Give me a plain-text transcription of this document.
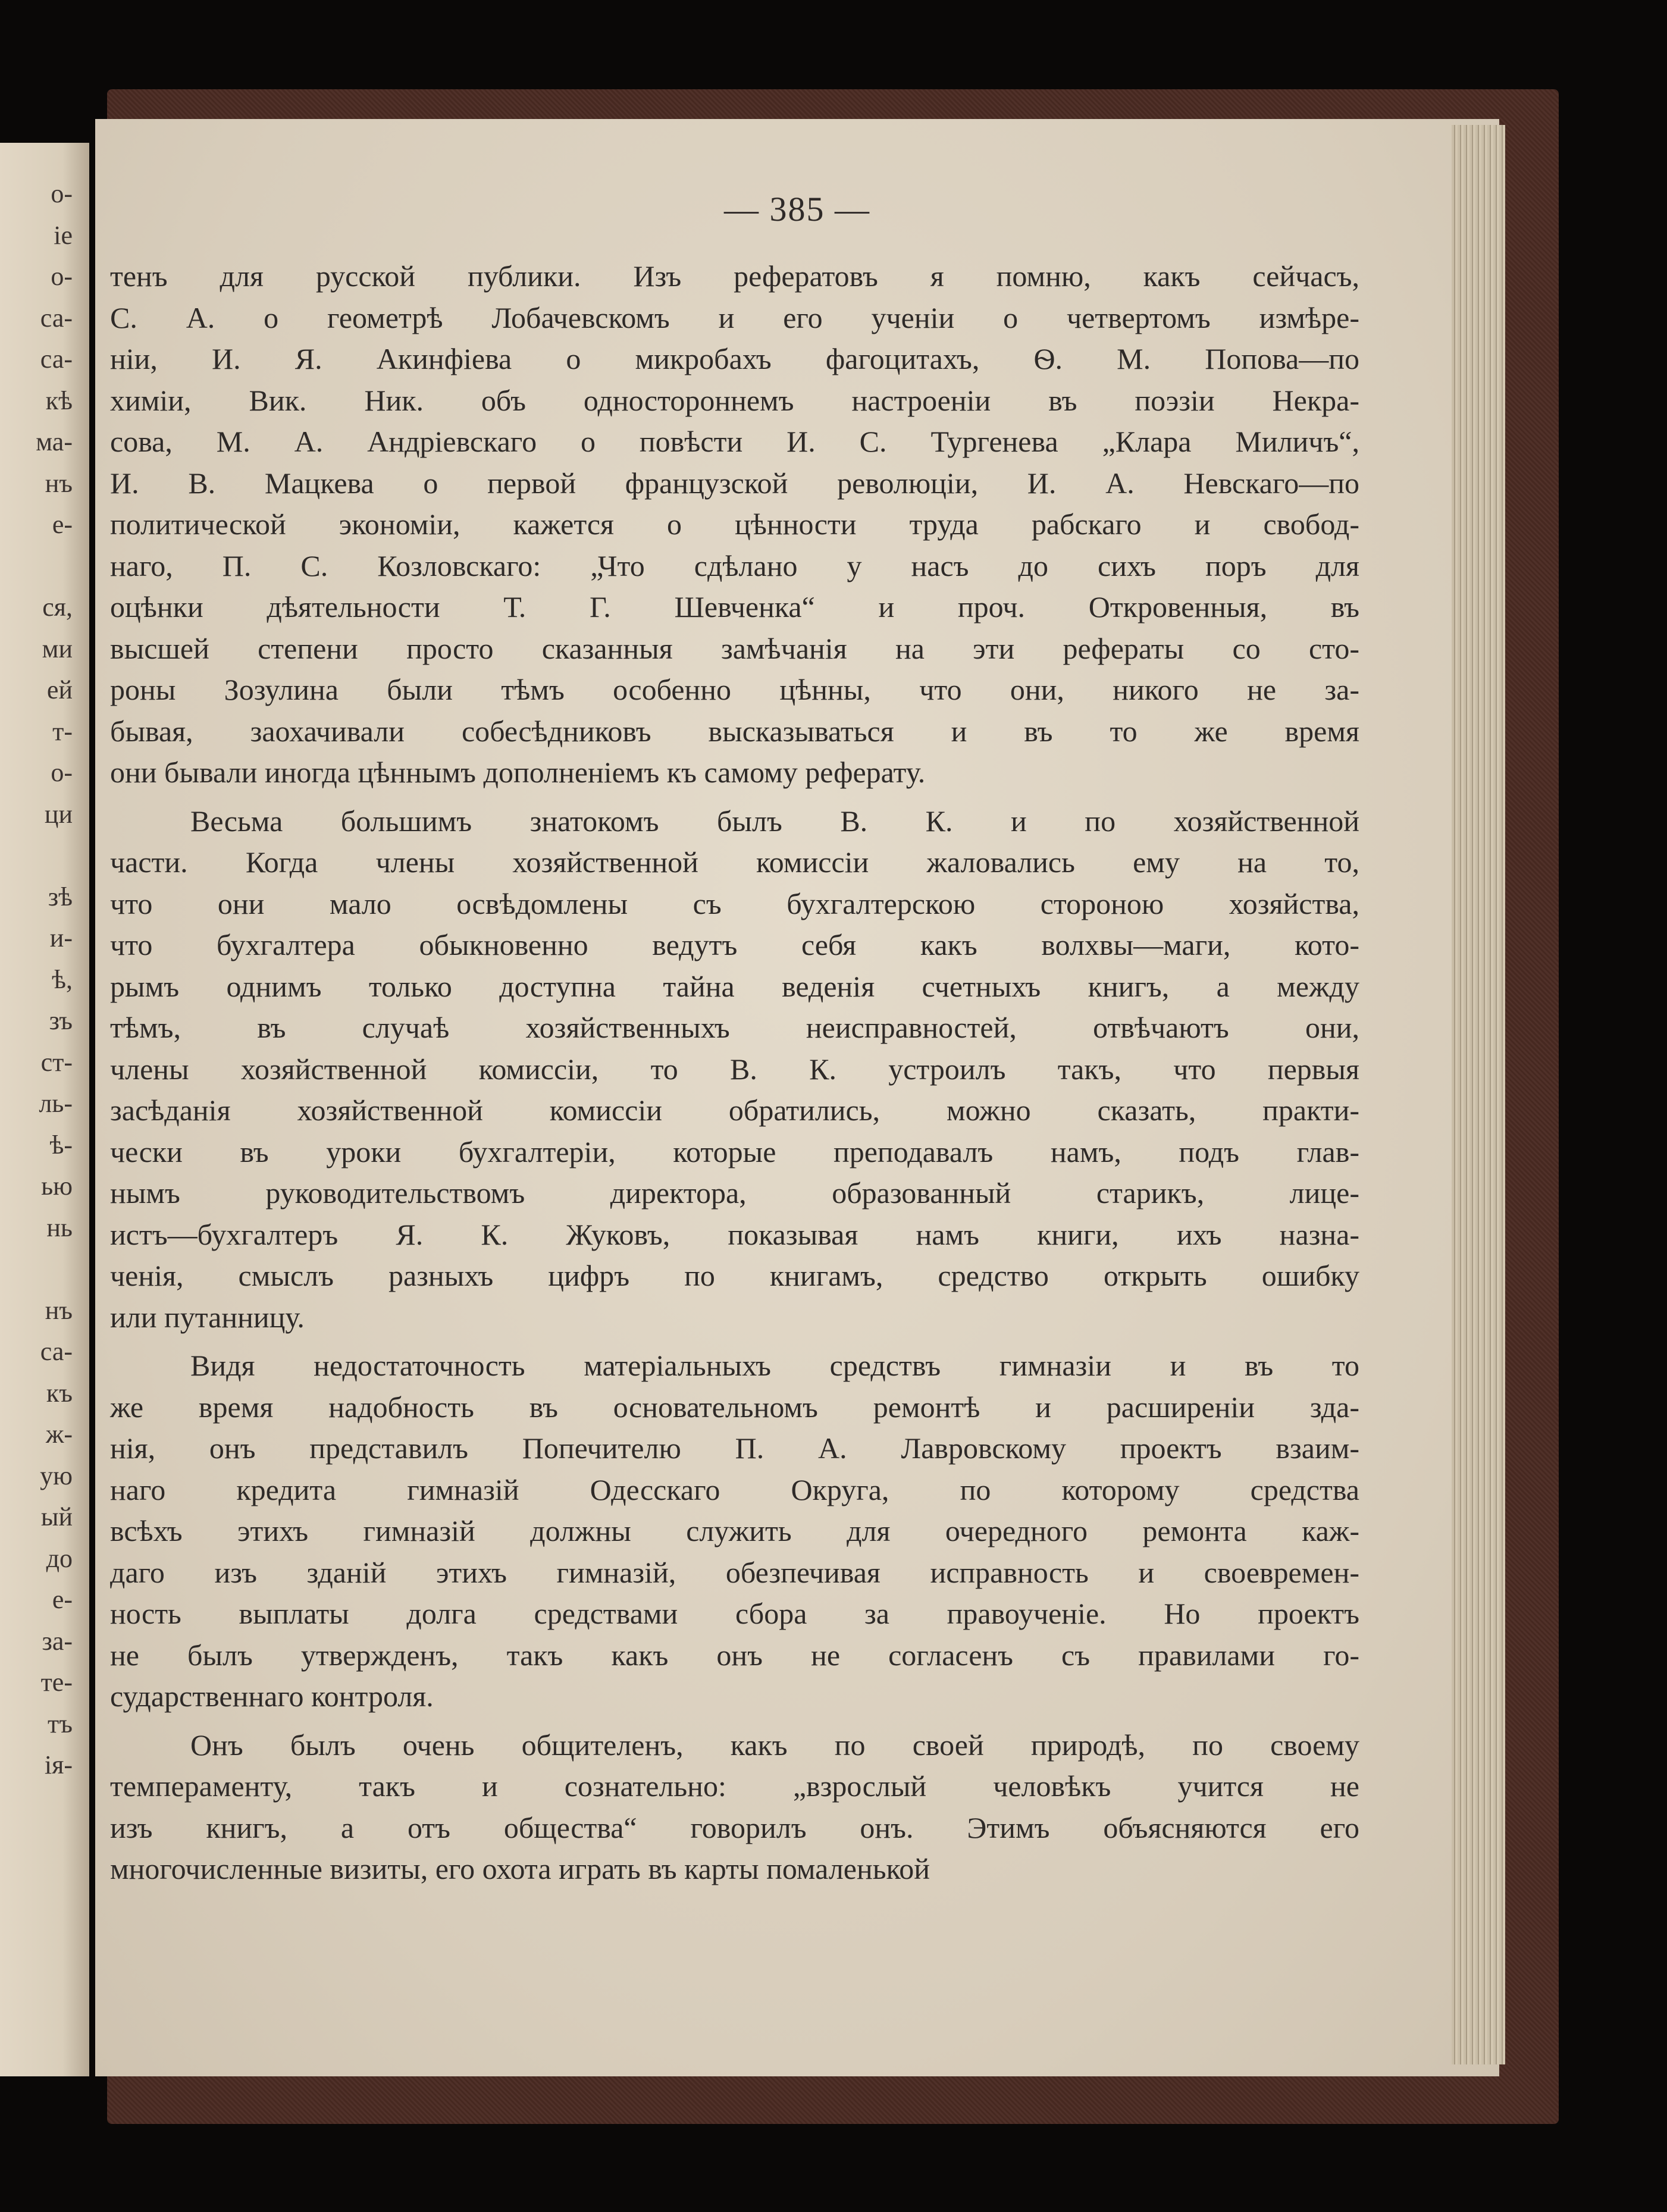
о-
іе
о-
са-
са-
кѣ
ма-
нъ
е-
ся,
ми
ей
т-
о-
ци
зѣ
и-
ѣ,
зъ
ст-
ль-
ѣ-
ью
нь
нъ
са-
къ
ж-
ую
ый
до
е-
за-
те-
тъ
ія-
— 385 —
тенъ для русской публики. Изъ рефератовъ я помню, какъ сейчасъ,
С. А. о геометрѣ Лобачевскомъ и его ученіи о четвертомъ измѣре-
ніи, И. Я. Акинфіева о микробахъ фагоцитахъ, Ѳ. М. Попова—по
химіи, Вик. Ник. объ одностороннемъ настроеніи въ поэзіи Некра-
сова, М. А. Андріевскаго о повѣсти И. С. Тургенева „Клара Миличъ“,
И. В. Мацкева о первой французской революціи, И. А. Невскаго—по
политической экономіи, кажется о цѣнности труда рабскаго и свобод-
наго, П. С. Козловскаго: „Что сдѣлано у насъ до сихъ поръ для
оцѣнки дѣятельности Т. Г. Шевченка“ и проч. Откровенныя, въ
высшей степени просто сказанныя замѣчанія на эти рефераты со сто-
роны Зозулина были тѣмъ особенно цѣнны, что они, никого не за-
бывая, заохачивали собесѣдниковъ высказываться и въ то же время
они бывали иногда цѣннымъ дополненіемъ къ самому реферату.
Весьма большимъ знатокомъ былъ В. К. и по хозяйственной
части. Когда члены хозяйственной комиссіи жаловались ему на то,
что они мало освѣдомлены съ бухгалтерскою стороною хозяйства,
что бухгалтера обыкновенно ведутъ себя какъ волхвы—маги, кото-
рымъ однимъ только доступна тайна веденія счетныхъ книгъ, а между
тѣмъ, въ случаѣ хозяйственныхъ неисправностей, отвѣчаютъ они,
члены хозяйственной комиссіи, то В. К. устроилъ такъ, что первыя
засѣданія хозяйственной комиссіи обратились, можно сказать, практи-
чески въ уроки бухгалтеріи, которые преподавалъ намъ, подъ глав-
нымъ руководительствомъ директора, образованный старикъ, лице-
истъ—бухгалтеръ Я. К. Жуковъ, показывая намъ книги, ихъ назна-
ченія, смыслъ разныхъ цифръ по книгамъ, средство открыть ошибку
или путанницу.
Видя недостаточность матеріальныхъ средствъ гимназіи и въ то
же время надобность въ основательномъ ремонтѣ и расширеніи зда-
нія, онъ представилъ Попечителю П. А. Лавровскому проектъ взаим-
наго кредита гимназій Одесскаго Округа, по которому средства
всѣхъ этихъ гимназій должны служить для очередного ремонта каж-
даго изъ зданій этихъ гимназій, обезпечивая исправность и своевремен-
ность выплаты долга средствами сбора за правоученіе. Но проектъ
не былъ утвержденъ, такъ какъ онъ не согласенъ съ правилами го-
сударственнаго контроля.
Онъ былъ очень общителенъ, какъ по своей природѣ, по своему
темпераменту, такъ и сознательно: „взрослый человѣкъ учится не
изъ книгъ, а отъ общества“ говорилъ онъ. Этимъ объясняются его
многочисленные визиты, его охота играть въ карты помаленькой
